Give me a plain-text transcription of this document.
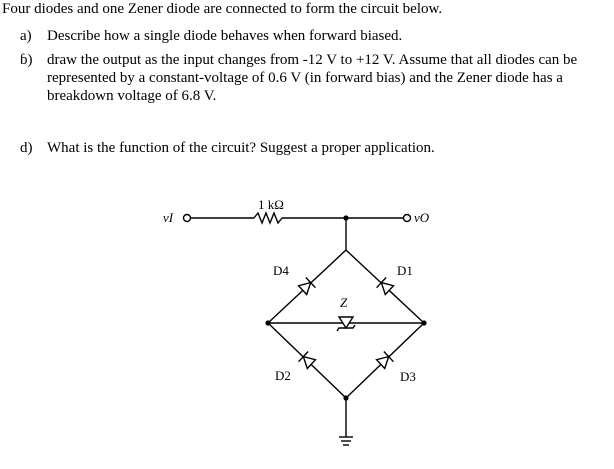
Four diodes and one Zener diode are connected to form the circuit below.
a) Describe how a single diode behaves when forward biased.
ɓ) draw the output as the input changes from -12 V to +12 V. Assume that all diodes can be represented by a constant-voltage of 0.6 V (in forward bias) and the Zener diode has a breakdown voltage of 6.8 V.
d) What is the function of the circuit? Suggest a proper application.
1 kΩ
vI	vO
D4	D1
D2	D3
Z
